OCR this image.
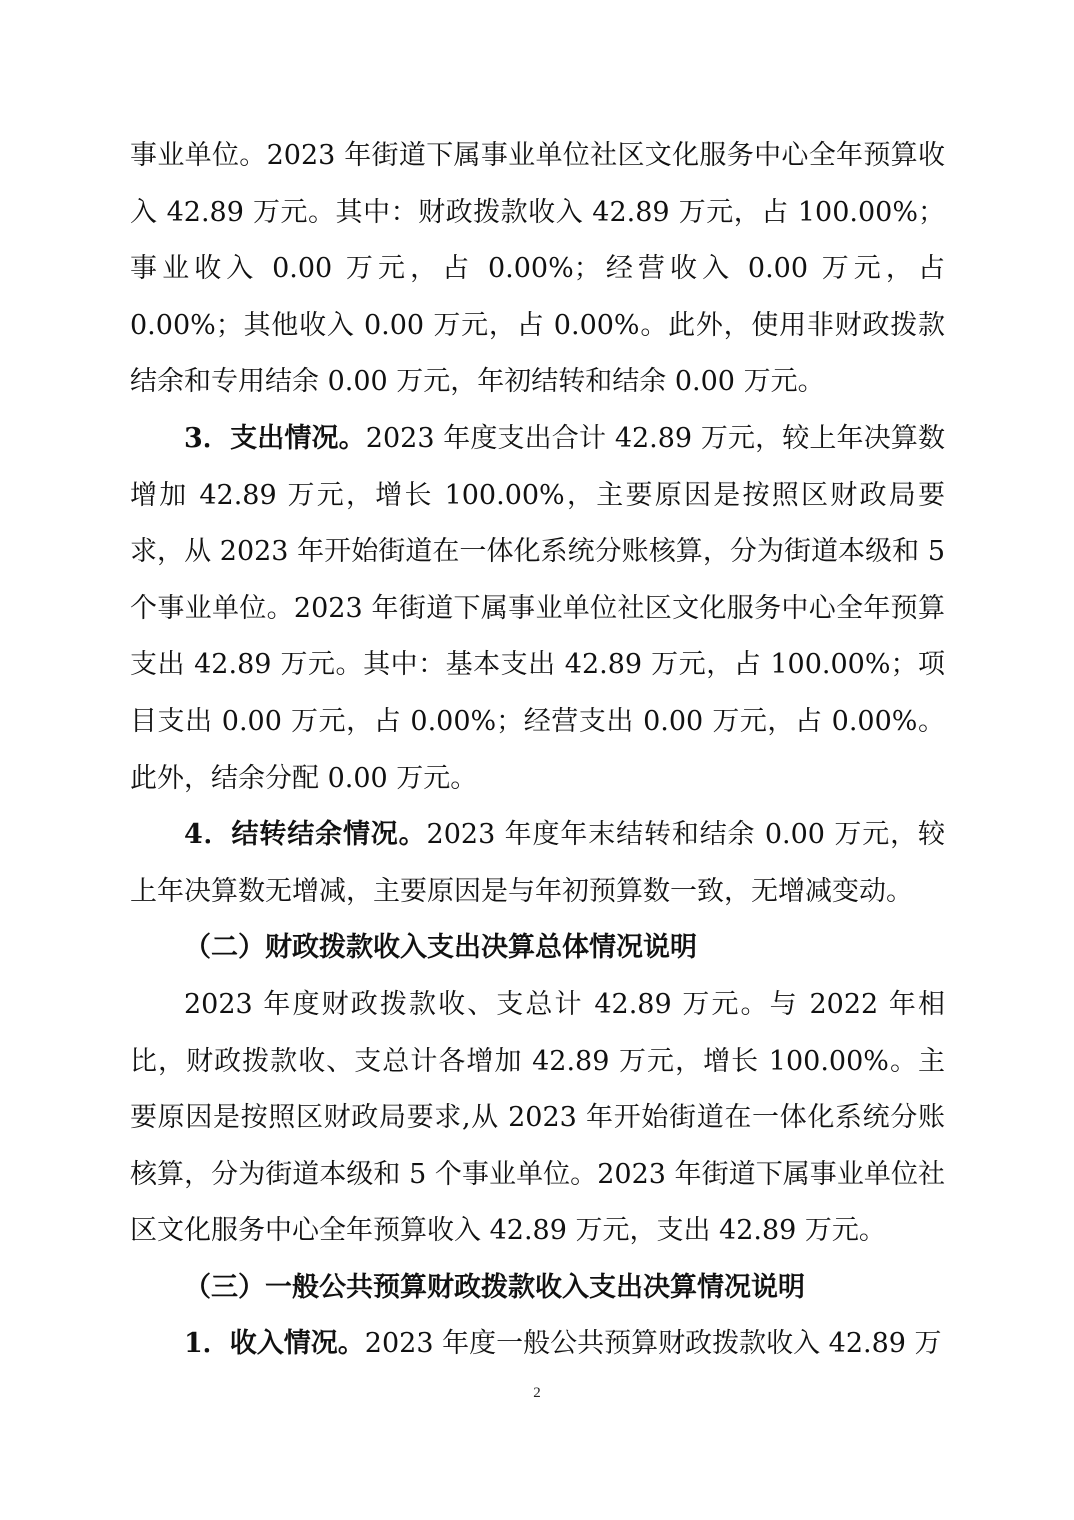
事业单位。2023 年街道下属事业单位社区文化服务中心全年预算收入 42.89 万元。其中：财政拨款收入 42.89 万元，占 100.00%；事业收入 0.00 万元，占 0.00%；经营收入 0.00 万元，占 0.00%；其他收入 0.00 万元，占 0.00%。此外，使用非财政拨款结余和专用结余 0.00 万元，年初结转和结余 0.00 万元。

3．支出情况。2023 年度支出合计 42.89 万元，较上年决算数增加 42.89 万元，增长 100.00%，主要原因是按照区财政局要求，从 2023 年开始街道在一体化系统分账核算，分为街道本级和 5 个事业单位。2023 年街道下属事业单位社区文化服务中心全年预算支出 42.89 万元。其中：基本支出 42.89 万元，占 100.00%；项目支出 0.00 万元，占 0.00%；经营支出 0.00 万元，占 0.00%。此外，结余分配 0.00 万元。

4．结转结余情况。2023 年度年末结转和结余 0.00 万元，较上年决算数无增减，主要原因是与年初预算数一致，无增减变动。

（二）财政拨款收入支出决算总体情况说明

2023 年度财政拨款收、支总计 42.89 万元。与 2022 年相比，财政拨款收、支总计各增加 42.89 万元，增长 100.00%。主要原因是按照区财政局要求,从 2023 年开始街道在一体化系统分账核算，分为街道本级和 5 个事业单位。2023 年街道下属事业单位社区文化服务中心全年预算收入 42.89 万元，支出 42.89 万元。

（三）一般公共预算财政拨款收入支出决算情况说明

1．收入情况。2023 年度一般公共预算财政拨款收入 42.89 万

2
